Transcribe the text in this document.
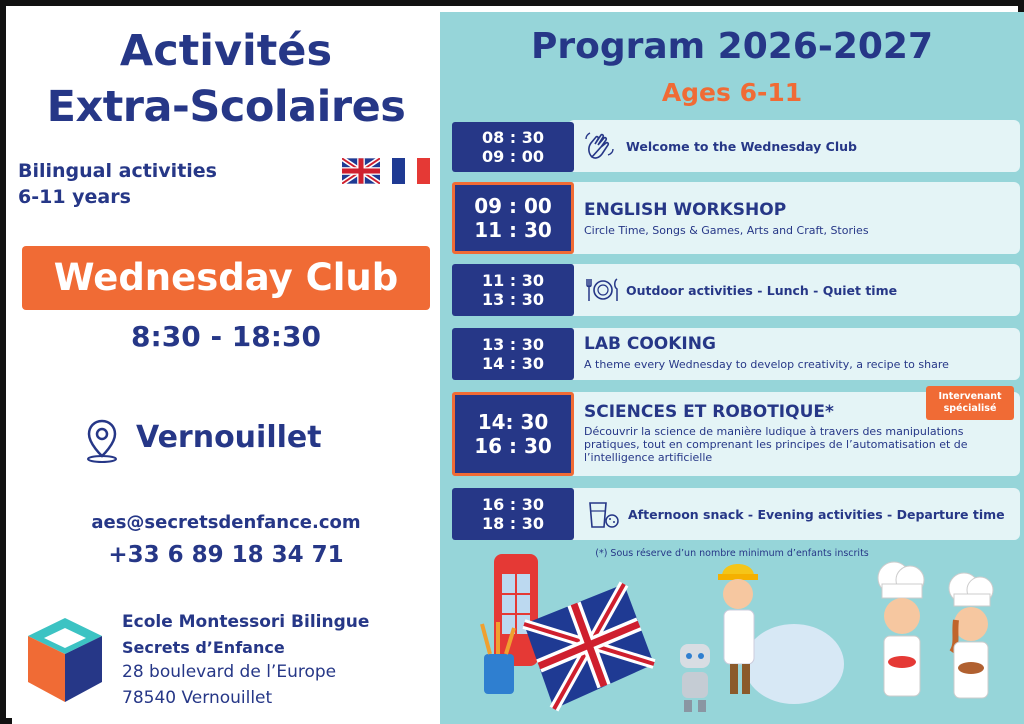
Activités
Extra-Scolaires
Bilingual activities
6-11 years
Wednesday Club
8:30 - 18:30
Vernouillet
aes@secretsdenfance.com
+33 6 89 18 34 71
Ecole Montessori Bilingue
Secrets d’Enfance
28 boulevard de l’Europe
78540 Vernouillet
Program 2026-2027
Ages 6-11
08 : 30
09 : 00
Welcome to the Wednesday Club
09 : 00
11 : 30
ENGLISH WORKSHOP
Circle Time, Songs & Games, Arts and Craft, Stories
11 : 30
13 : 30	Outdoor activities - Lunch - Quiet time
13 : 30
14 : 30
LAB COOKING
A theme every Wednesday to develop creativity, a recipe to share
14: 30
16 : 30
SCIENCES ET ROBOTIQUE*
Découvrir la science de manière ludique à travers des manipulations
pratiques, tout en comprenant les principes de l’automatisation et de
l’intelligence artificielle
Intervenant
spécialisé
16 : 30
18 : 30	Afternoon snack - Evening activities - Departure time
(*) Sous réserve d’un nombre minimum d’enfants inscrits
